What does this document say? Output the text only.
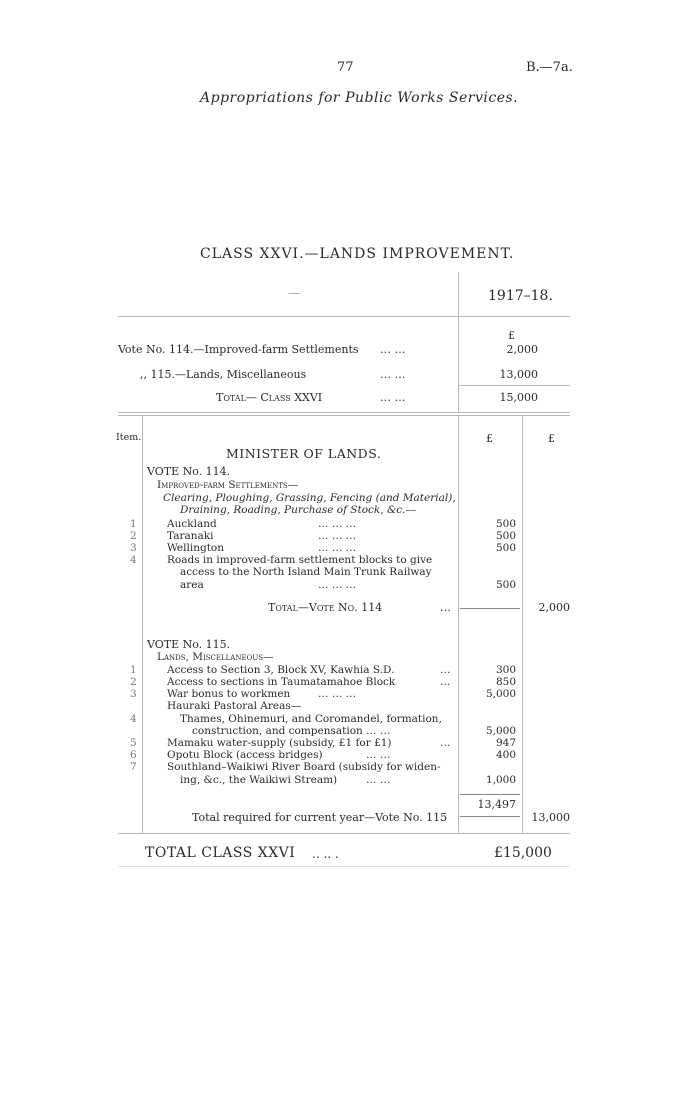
77	B.—7a.
Appropriations for Public Works Services.
CLASS XXVI.—LANDS IMPROVEMENT.
—	1917–18.
£
Vote No. 114.—Improved-farm Settlements … …	2,000
,, 115.—Lands, Miscellaneous	… …	13,000
Total— Class XXVI	… …	15,000
Item.	£	£
MINISTER OF LANDS.
VOTE No. 114.
Improved-farm Settlements—
Clearing, Ploughing, Grassing, Fencing (and Material),
Draining, Roading, Purchase of Stock, &c.—
1	Auckland	… … …	500
2	Taranaki	… … …	500
3	Wellington	… … …	500
4	Roads in improved-farm settlement blocks to give
access to the North Island Main Trunk Railway
area	… … …	500
Total—Vote No. 114	…	2,000
VOTE No. 115.
Lands, Miscellaneous—
1	Access to Section 3, Block XV, Kawhia S.D.	…	300
2	Access to sections in Taumatamahoe Block	…	850
3	War bonus to workmen	… … …	5,000
Hauraki Pastoral Areas—
4	Thames, Ohinemuri, and Coromandel, formation,
construction, and compensation … …	5,000
5	Mamaku water-supply (subsidy, £1 for £1)	…	947
6	Opotu Block (access bridges)	… …	400
7	Southland–Waikiwi River Board (subsidy for widen-
ing, &c., the Waikiwi Stream)	… …	1,000
13,497
Total required for current year—Vote No. 115	13,000
TOTAL CLASS XXVI .. .. .	£15,000
